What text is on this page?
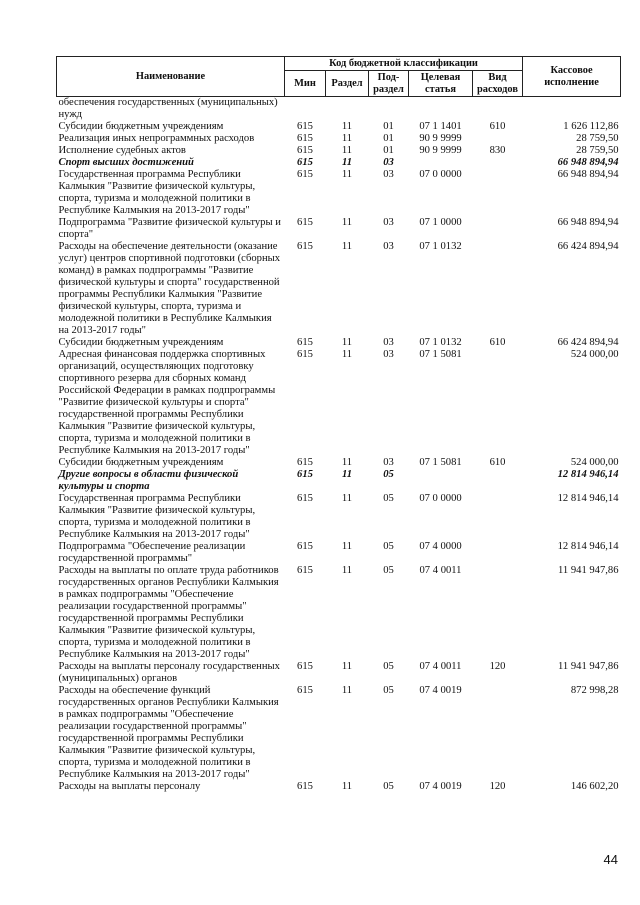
Наименование	Код бюджетной классификации					Кассовое исполнение
	Мин	Раздел	Под-раздел	Целевая статья	Вид расходов	
обеспечения государственных (муниципальных) нужд						
Субсидии бюджетным учреждениям	615	11	01	07 1 1401	610	1 626 112,86
Реализация иных непрограммных расходов	615	11	01	90 9 9999		28 759,50
Исполнение судебных актов	615	11	01	90 9 9999	830	28 759,50
Спорт высших достижений	615	11	03			66 948 894,94
Государственная программа Республики Калмыкия "Развитие физической культуры, спорта, туризма и молодежной политики в Республике Калмыкия на 2013-2017 годы"	615	11	03	07 0 0000		66 948 894,94
Подпрограмма "Развитие физической культуры и спорта"	615	11	03	07 1 0000		66 948 894,94
Расходы на обеспечение деятельности (оказание услуг) центров спортивной подготовки (сборных команд) в рамках подпрограммы "Развитие физической культуры и спорта" государственной программы Республики Калмыкия "Развитие физической культуры, спорта, туризма и молодежной политики в Республике Калмыкия на 2013-2017 годы"	615	11	03	07 1 0132		66 424 894,94
Субсидии бюджетным учреждениям	615	11	03	07 1 0132	610	66 424 894,94
Адресная финансовая поддержка спортивных организаций, осуществляющих подготовку спортивного резерва для сборных команд Российской Федерации в рамках подпрограммы "Развитие физической культуры и спорта" государственной программы Республики Калмыкия "Развитие физической культуры, спорта, туризма и молодежной политики в Республике Калмыкия на 2013-2017 годы"	615	11	03	07 1 5081		524 000,00
Субсидии бюджетным учреждениям	615	11	03	07 1 5081	610	524 000,00
Другие вопросы в области физической культуры и спорта	615	11	05			12 814 946,14
Государственная программа Республики Калмыкия "Развитие физической культуры, спорта, туризма и молодежной политики в Республике Калмыкия на 2013-2017 годы"	615	11	05	07 0 0000		12 814 946,14
Подпрограмма "Обеспечение реализации государственной программы"	615	11	05	07 4 0000		12 814 946,14
Расходы на выплаты по оплате труда работников государственных органов Республики Калмыкия в рамках подпрограммы "Обеспечение реализации государственной программы" государственной программы Республики Калмыкия "Развитие физической культуры, спорта, туризма и молодежной политики в Республике Калмыкия на 2013-2017 годы"	615	11	05	07 4 0011		11 941 947,86
Расходы на выплаты персоналу государственных (муниципальных) органов	615	11	05	07 4 0011	120	11 941 947,86
Расходы на обеспечение функций государственных органов Республики Калмыкия в рамках подпрограммы "Обеспечение реализации государственной программы" государственной программы Республики Калмыкия "Развитие физической культуры, спорта, туризма и молодежной политики в Республике Калмыкия на 2013-2017 годы"	615	11	05	07 4 0019		872 998,28
Расходы на выплаты персоналу	615	11	05	07 4 0019	120	146 602,20
44
